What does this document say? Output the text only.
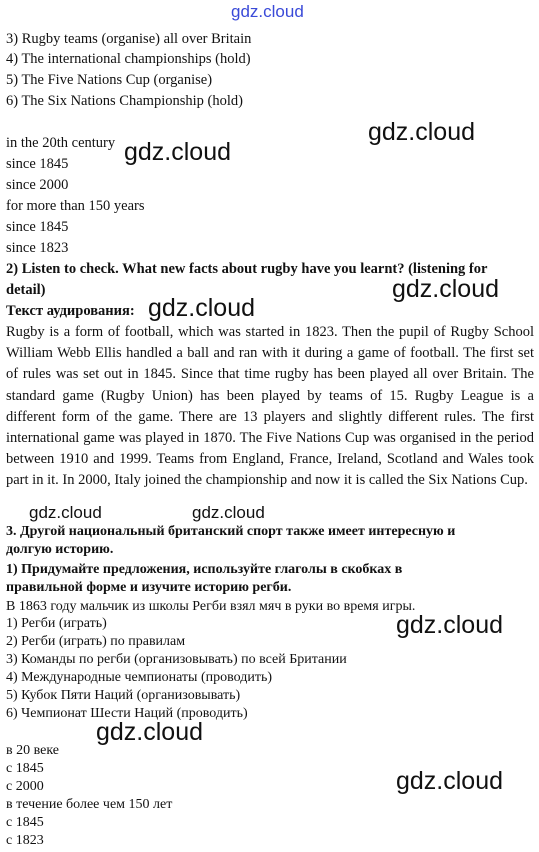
gdz.cloud
gdz.cloud
gdz.cloud
gdz.cloud
gdz.cloud
gdz.cloud	gdz.cloud
gdz.cloud
gdz.cloud
gdz.cloud
3) Rugby teams (organise) all over Britain
4) The international championships (hold)
5) The Five Nations Cup (organise)
6) The Six Nations Championship (hold)
in the 20th century
since 1845
since 2000
for more than 150 years
since 1845
since 1823
2) Listen to check. What new facts about rugby have you learnt? (listening for
detail)
Текст аудирования:
Rugby is a form of football, which was started in 1823. Then the pupil of Rugby School William Webb Ellis handled a ball and ran with it during a game of football. The first set of rules was set out in 1845. Since that time rugby has been played all over Britain. The standard game (Rugby Union) has been played by teams of 15. Rugby League is a different form of the game. There are 13 players and slightly different rules. The first international game was played in 1870. The Five Nations Cup was organised in the period between 1910 and 1999. Teams from England, France, Ireland, Scotland and Wales took part in it. In 2000, Italy joined the championship and now it is called the Six Nations Cup.
3. Другой национальный британский спорт также имеет интересную и
долгую историю.
1) Придумайте предложения, используйте глаголы в скобках в
правильной форме и изучите историю регби.
В 1863 году мальчик из школы Регби взял мяч в руки во время игры.
1) Регби (играть)
2) Регби (играть) по правилам
3) Команды по регби (организовывать) по всей Британии
4) Международные чемпионаты (проводить)
5) Кубок Пяти Наций (организовывать)
6) Чемпионат Шести Наций (проводить)
в 20 веке
с 1845
с 2000
в течение более чем 150 лет
с 1845
с 1823
